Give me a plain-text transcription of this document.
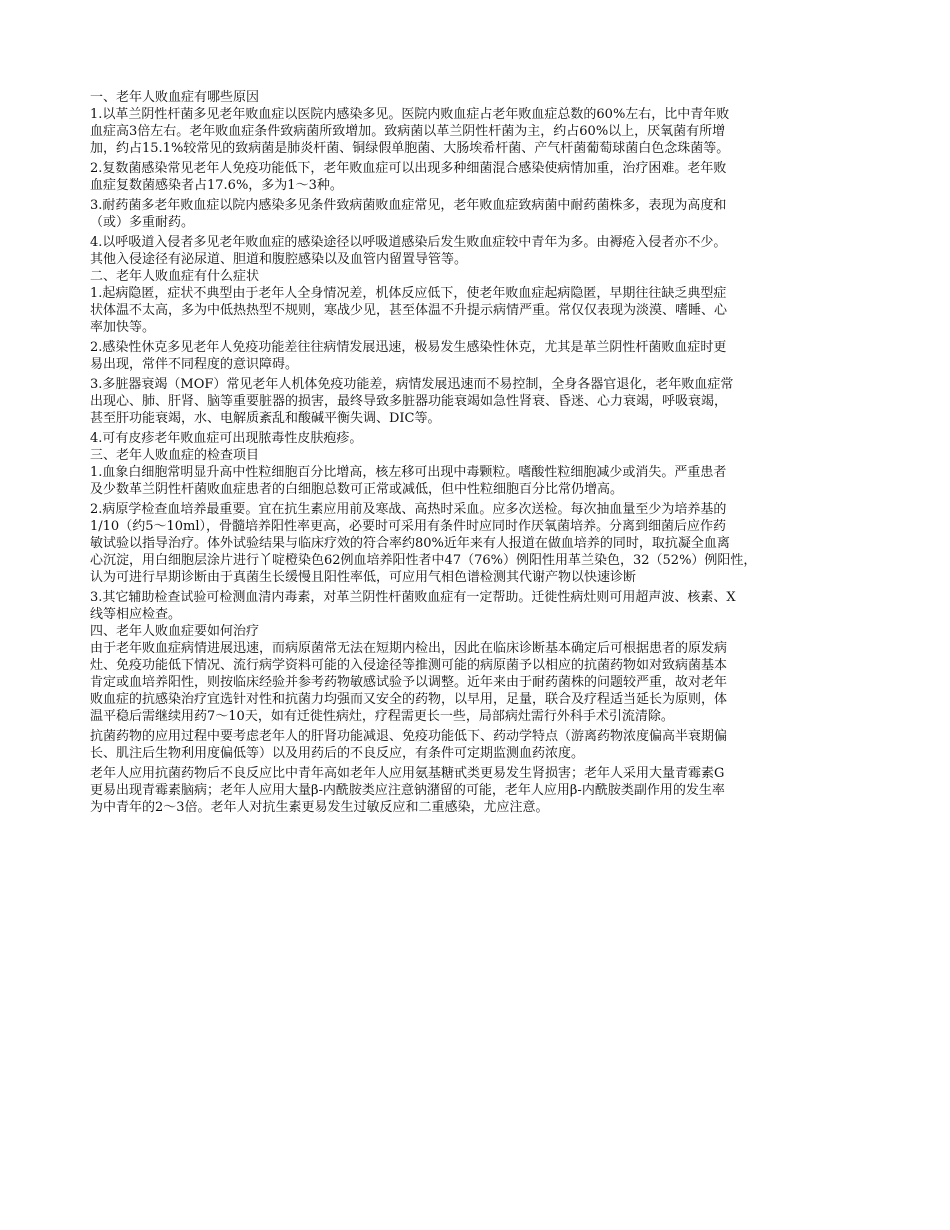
一、老年人败血症有哪些原因
1.以革兰阴性杆菌多见老年败血症以医院内感染多见。医院内败血症占老年败血症总数的60%左右，比中青年败
血症高3倍左右。老年败血症条件致病菌所致增加。致病菌以革兰阴性杆菌为主，约占60%以上，厌氧菌有所增
加，约占15.1%较常见的致病菌是肺炎杆菌、铜绿假单胞菌、大肠埃希杆菌、产气杆菌葡萄球菌白色念珠菌等。
2.复数菌感染常见老年人免疫功能低下，老年败血症可以出现多种细菌混合感染使病情加重，治疗困难。老年败
血症复数菌感染者占17.6%，多为1～3种。
3.耐药菌多老年败血症以院内感染多见条件致病菌败血症常见，老年败血症致病菌中耐药菌株多，表现为高度和
（或）多重耐药。
4.以呼吸道入侵者多见老年败血症的感染途径以呼吸道感染后发生败血症较中青年为多。由褥疮入侵者亦不少。
其他入侵途径有泌尿道、胆道和腹腔感染以及血管内留置导管等。
二、老年人败血症有什么症状
1.起病隐匿，症状不典型由于老年人全身情况差，机体反应低下，使老年败血症起病隐匿，早期往往缺乏典型症
状体温不太高，多为中低热热型不规则，寒战少见，甚至体温不升提示病情严重。常仅仅表现为淡漠、嗜睡、心
率加快等。
2.感染性休克多见老年人免疫功能差往往病情发展迅速，极易发生感染性休克，尤其是革兰阴性杆菌败血症时更
易出现，常伴不同程度的意识障碍。
3.多脏器衰竭（MOF）常见老年人机体免疫功能差，病情发展迅速而不易控制，全身各器官退化，老年败血症常
出现心、肺、肝肾、脑等重要脏器的损害，最终导致多脏器功能衰竭如急性肾衰、昏迷、心力衰竭，呼吸衰竭，
甚至肝功能衰竭，水、电解质紊乱和酸碱平衡失调、DIC等。
4.可有皮疹老年败血症可出现脓毒性皮肤疱疹。
三、老年人败血症的检查项目
1.血象白细胞常明显升高中性粒细胞百分比增高，核左移可出现中毒颗粒。嗜酸性粒细胞减少或消失。严重患者
及少数革兰阴性杆菌败血症患者的白细胞总数可正常或减低，但中性粒细胞百分比常仍增高。
2.病原学检查血培养最重要。宜在抗生素应用前及寒战、高热时采血。应多次送检。每次抽血量至少为培养基的
1/10（约5～10ml），骨髓培养阳性率更高，必要时可采用有条件时应同时作厌氧菌培养。分离到细菌后应作药
敏试验以指导治疗。体外试验结果与临床疗效的符合率约80%近年来有人报道在做血培养的同时，取抗凝全血离
心沉淀，用白细胞层涂片进行丫啶橙染色62例血培养阳性者中47（76%）例阳性用革兰染色，32（52%）例阳性，
认为可进行早期诊断由于真菌生长缓慢且阳性率低，可应用气相色谱检测其代谢产物以快速诊断
3.其它辅助检查试验可检测血清内毒素，对革兰阴性杆菌败血症有一定帮助。迁徙性病灶则可用超声波、核素、X
线等相应检查。
四、老年人败血症要如何治疗
由于老年败血症病情进展迅速，而病原菌常无法在短期内检出，因此在临床诊断基本确定后可根据患者的原发病
灶、免疫功能低下情况、流行病学资料可能的入侵途径等推测可能的病原菌予以相应的抗菌药物如对致病菌基本
肯定或血培养阳性，则按临床经验并参考药物敏感试验予以调整。近年来由于耐药菌株的问题较严重，故对老年
败血症的抗感染治疗宜选针对性和抗菌力均强而又安全的药物，以早用，足量，联合及疗程适当延长为原则，体
温平稳后需继续用药7～10天，如有迁徙性病灶，疗程需更长一些，局部病灶需行外科手术引流清除。
抗菌药物的应用过程中要考虑老年人的肝肾功能减退、免疫功能低下、药动学特点（游离药物浓度偏高半衰期偏
长、肌注后生物利用度偏低等）以及用药后的不良反应，有条件可定期监测血药浓度。
老年人应用抗菌药物后不良反应比中青年高如老年人应用氨基糖甙类更易发生肾损害；老年人采用大量青霉素G
更易出现青霉素脑病；老年人应用大量β-内酰胺类应注意钠潴留的可能，老年人应用β-内酰胺类副作用的发生率
为中青年的2～3倍。老年人对抗生素更易发生过敏反应和二重感染，尤应注意。
